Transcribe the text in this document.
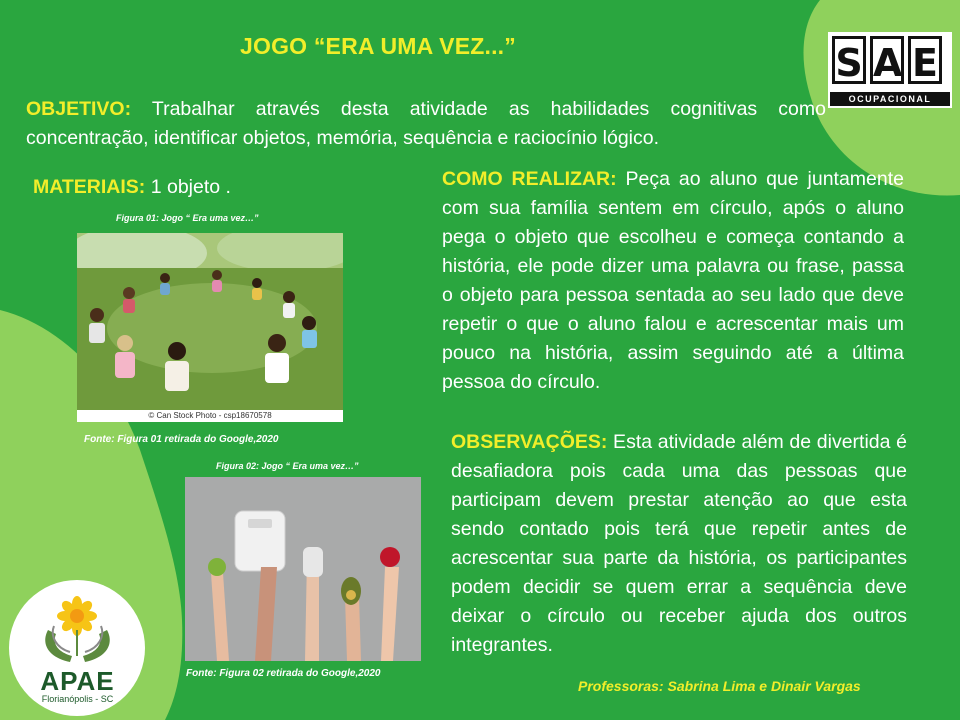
JOGO “ERA UMA VEZ...”
OBJETIVO: Trabalhar através desta atividade as habilidades cognitivas como concentração, identificar objetos, memória, sequência e raciocínio lógico.
MATERIAIS: 1 objeto .
Figura 01: Jogo “ Era uma vez…”
© Can Stock Photo - csp18670578
Fonte: Figura 01 retirada do Google,2020
Figura 02: Jogo “ Era uma vez…”
Fonte: Figura 02 retirada do Google,2020
COMO REALIZAR: Peça ao aluno que juntamente com sua família sentem em círculo, após o aluno pega o objeto que escolheu e começa contando a história, ele pode dizer uma palavra ou frase, passa o objeto para pessoa sentada ao seu lado que deve repetir o que o aluno falou e acrescentar mais um pouco na história, assim seguindo até a última pessoa do círculo.
OBSERVAÇÕES: Esta atividade além de divertida é desafiadora pois cada uma das pessoas que participam devem prestar atenção ao que esta sendo contado pois terá que repetir antes de acrescentar sua parte da história, os participantes podem decidir se quem errar a sequência deve deixar o círculo ou receber ajuda dos outros integrantes.
Professoras: Sabrina Lima e Dinair Vargas
S A E
OCUPACIONAL
APAE
Florianópolis - SC
